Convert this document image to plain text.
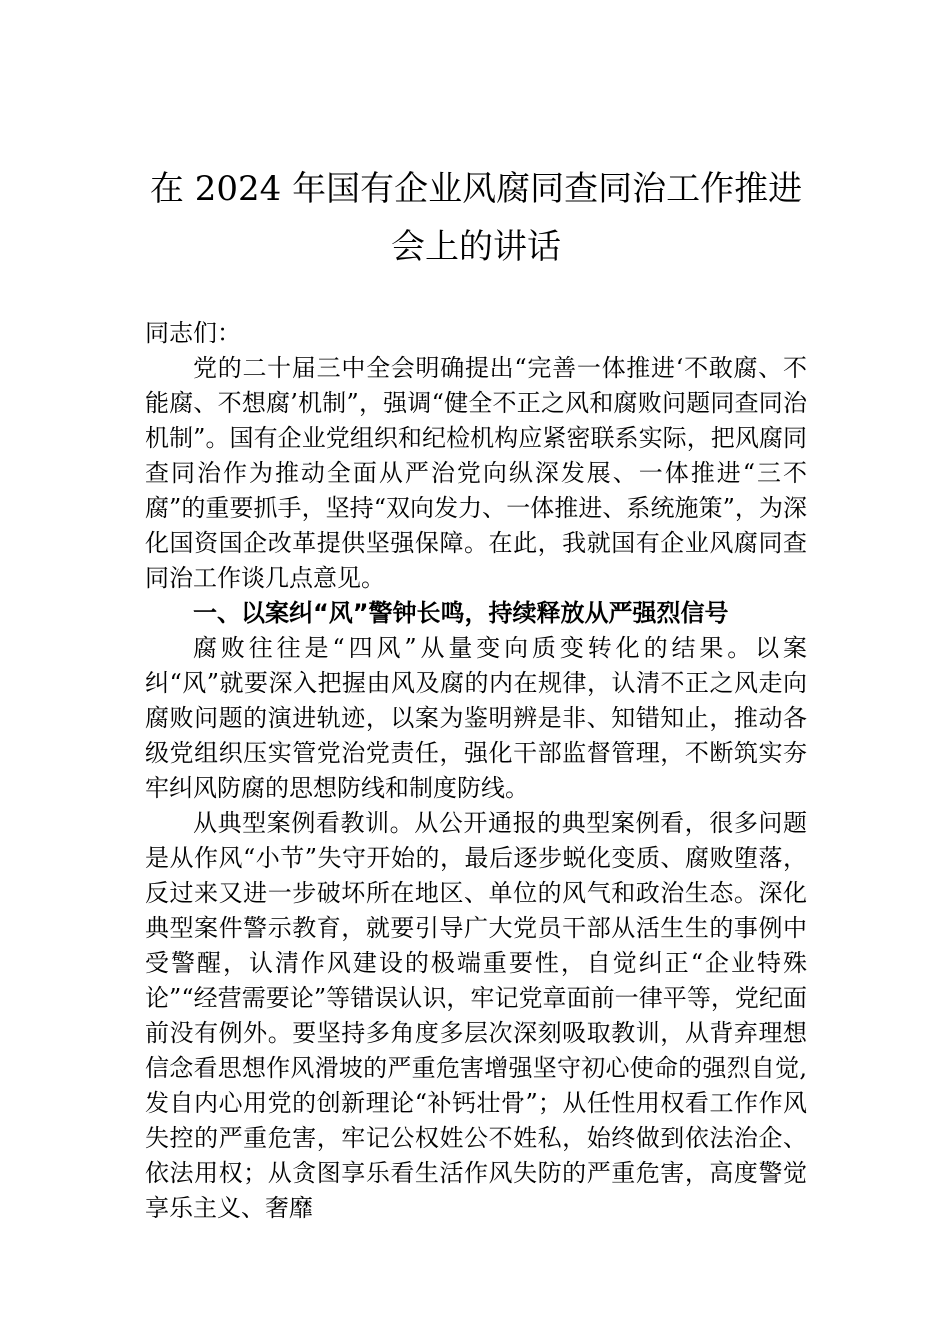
在 2024 年国有企业风腐同查同治工作推进
会上的讲话

同志们：

党的二十届三中全会明确提出“完善一体推进‘不敢腐、不能腐、不想腐’机制”，强调“健全不正之风和腐败问题同查同治机制”。国有企业党组织和纪检机构应紧密联系实际，把风腐同查同治作为推动全面从严治党向纵深发展、一体推进“三不腐”的重要抓手，坚持“双向发力、一体推进、系统施策”，为深化国资国企改革提供坚强保障。在此，我就国有企业风腐同查同治工作谈几点意见。

一、以案纠“风”警钟长鸣，持续释放从严强烈信号

腐败往往是“四风”从量变向质变转化的结果。以案纠“风”就要深入把握由风及腐的内在规律，认清不正之风走向腐败问题的演进轨迹，以案为鉴明辨是非、知错知止，推动各级党组织压实管党治党责任，强化干部监督管理，不断筑实夯牢纠风防腐的思想防线和制度防线。

从典型案例看教训。从公开通报的典型案例看，很多问题是从作风“小节”失守开始的，最后逐步蜕化变质、腐败堕落，反过来又进一步破坏所在地区、单位的风气和政治生态。深化典型案件警示教育，就要引导广大党员干部从活生生的事例中受警醒，认清作风建设的极端重要性，自觉纠正“企业特殊论”“经营需要论”等错误认识，牢记党章面前一律平等，党纪面前没有例外。要坚持多角度多层次深刻吸取教训，从背弃理想信念看思想作风滑坡的严重危害增强坚守初心使命的强烈自觉,发自内心用党的创新理论“补钙壮骨”；从任性用权看工作作风失控的严重危害，牢记公权姓公不姓私，始终做到依法治企、依法用权；从贪图享乐看生活作风失防的严重危害，高度警觉享乐主义、奢靡
